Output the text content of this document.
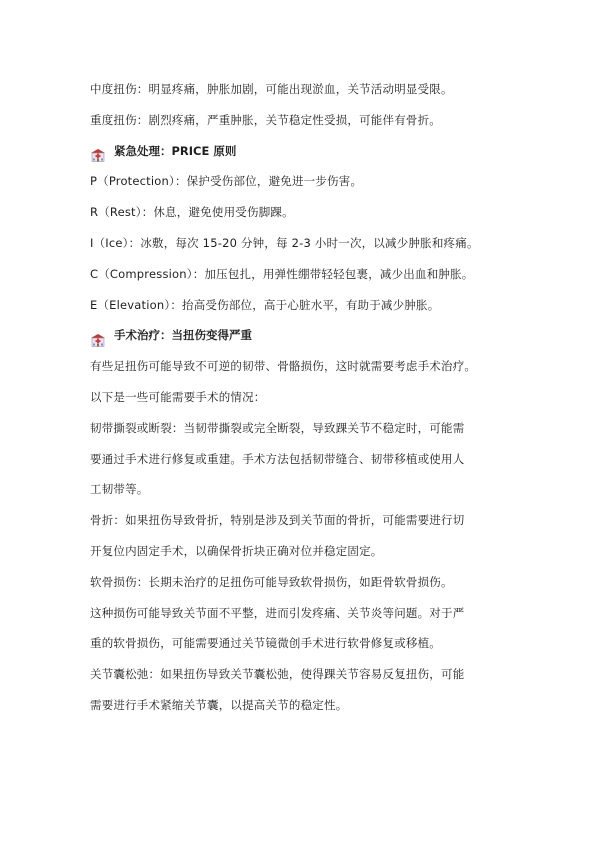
中度扭伤：明显疼痛，肿胀加剧，可能出现淤血，关节活动明显受限。

重度扭伤：剧烈疼痛，严重肿胀，关节稳定性受损，可能伴有骨折。

紧急处理：PRICE 原则

P（Protection）：保护受伤部位，避免进一步伤害。

R（Rest）：休息，避免使用受伤脚踝。

I（Ice）：冰敷，每次 15-20 分钟，每 2-3 小时一次，以减少肿胀和疼痛。

C（Compression）：加压包扎，用弹性绷带轻轻包裹，减少出血和肿胀。

E（Elevation）：抬高受伤部位，高于心脏水平，有助于减少肿胀。

手术治疗：当扭伤变得严重

有些足扭伤可能导致不可逆的韧带、骨骼损伤，这时就需要考虑手术治疗。

以下是一些可能需要手术的情况：

韧带撕裂或断裂：当韧带撕裂或完全断裂，导致踝关节不稳定时，可能需

要通过手术进行修复或重建。手术方法包括韧带缝合、韧带移植或使用人

工韧带等。

骨折：如果扭伤导致骨折，特别是涉及到关节面的骨折，可能需要进行切

开复位内固定手术，以确保骨折块正确对位并稳定固定。

软骨损伤：长期未治疗的足扭伤可能导致软骨损伤，如距骨软骨损伤。

这种损伤可能导致关节面不平整，进而引发疼痛、关节炎等问题。对于严

重的软骨损伤，可能需要通过关节镜微创手术进行软骨修复或移植。

关节囊松弛：如果扭伤导致关节囊松弛，使得踝关节容易反复扭伤，可能

需要进行手术紧缩关节囊，以提高关节的稳定性。
